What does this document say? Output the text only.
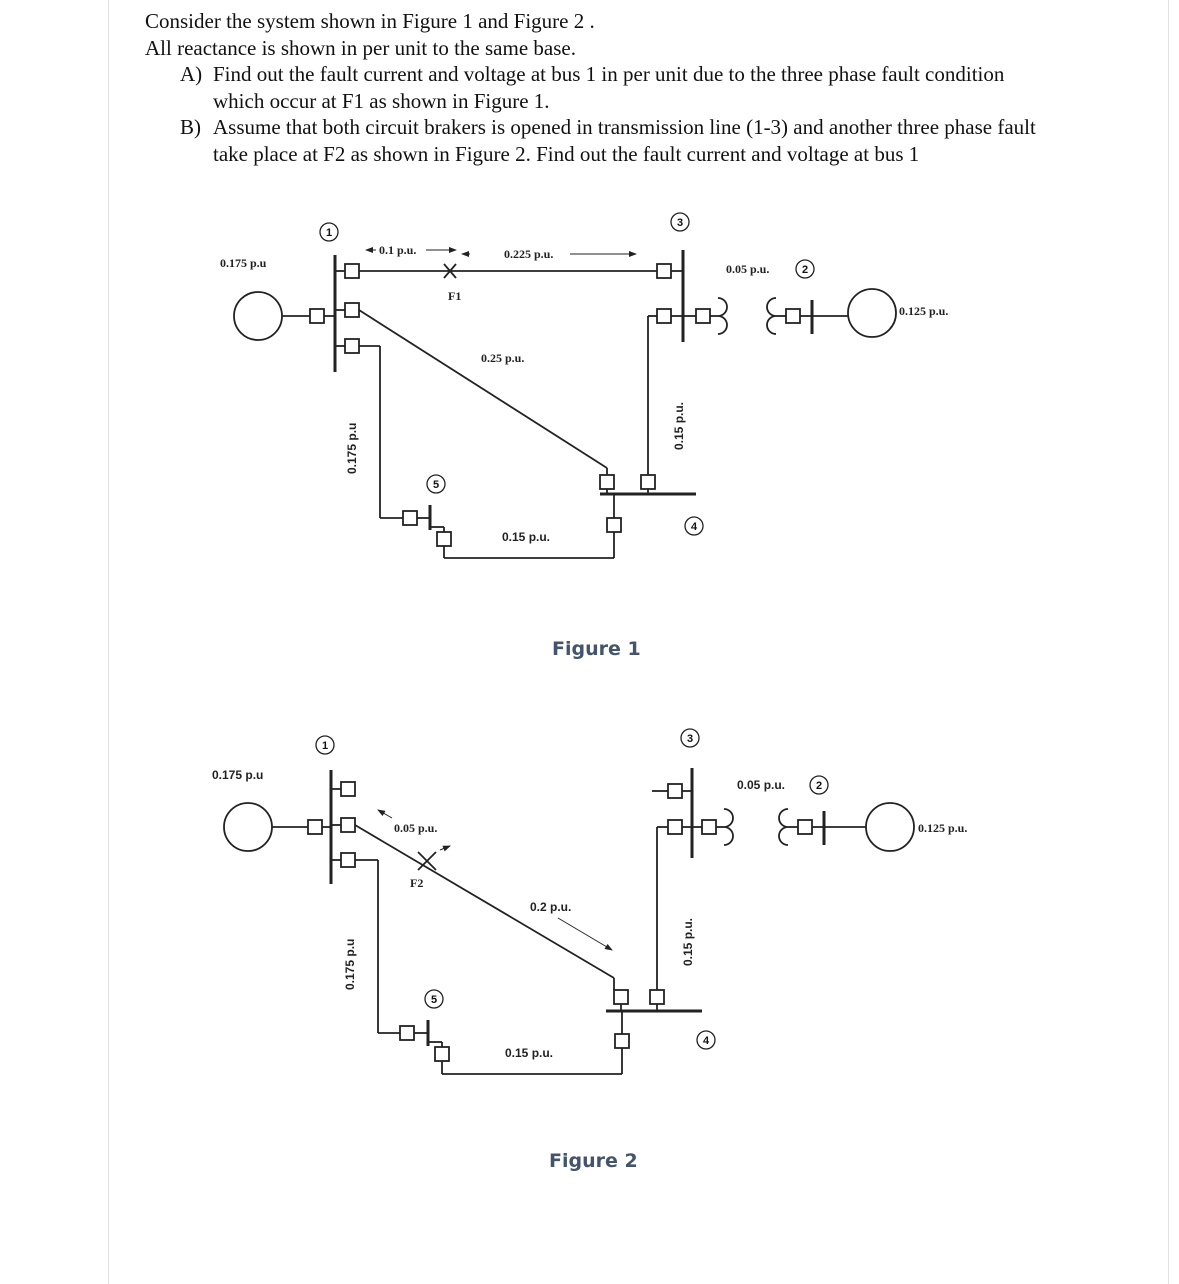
Consider the system shown in Figure 1 and Figure 2 .

All reactance is shown in per unit to the same base.

A) Find out the fault current and voltage at bus 1 in per unit due to the three phase fault condition which occur at F1 as shown in Figure 1.
B) Assume that both circuit brakers is opened in transmission line (1-3) and another three phase fault take place at F2 as shown in Figure 2. Find out the fault current and voltage at bus 1
1
3
2
5
4
0.175 p.u
0.1 p.u.	0.225 p.u.
F1
0.25 p.u.
0.175 p.u
0.15 p.u.
0.15 p.u.
0.05 p.u.
0.125 p.u.
Figure 1
1
3
2
5
4
0.175 p.u
0.05 p.u.
F2
0.2 p.u.
0.175 p.u
0.15 p.u.
0.15 p.u.
0.05 p.u.
0.125 p.u.
Figure 2
